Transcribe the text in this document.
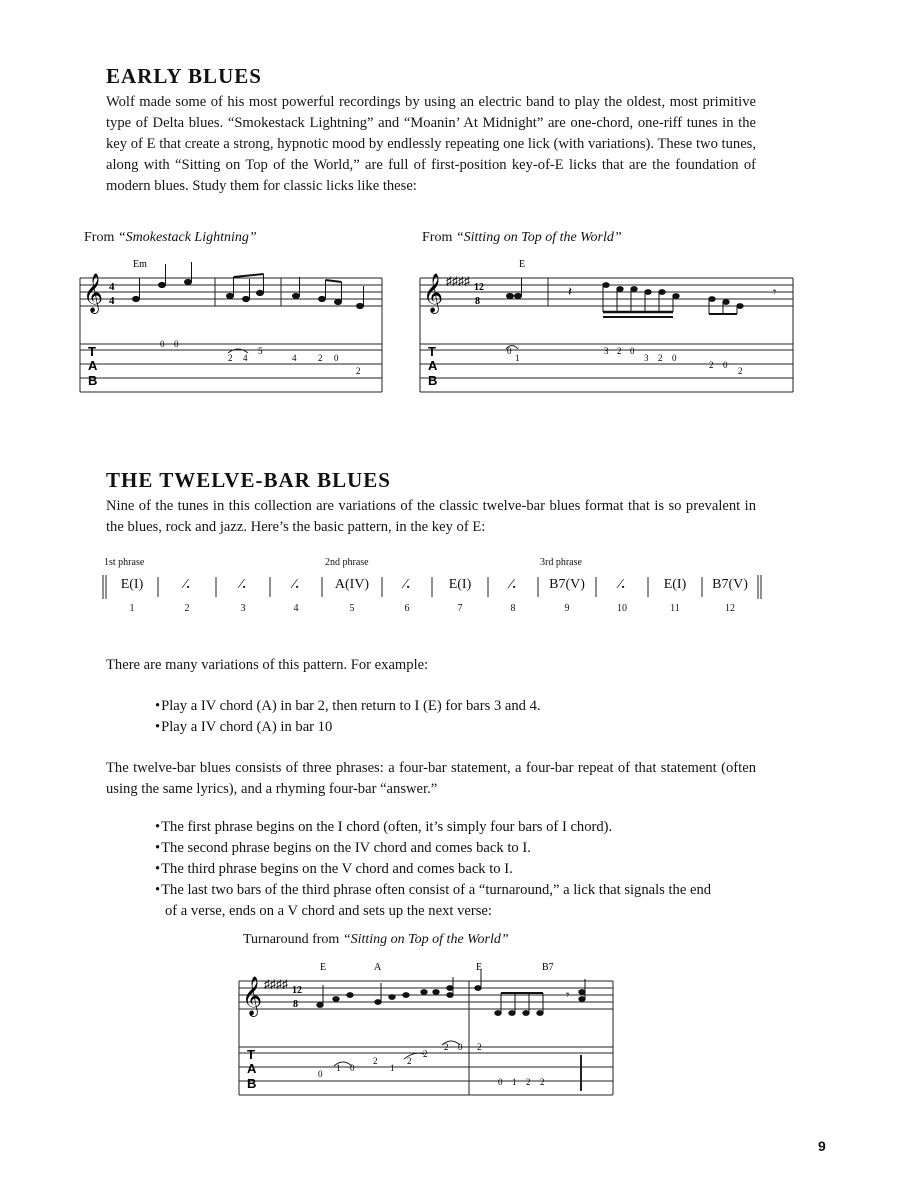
EARLY BLUES

Wolf made some of his most powerful recordings by using an electric band to play the oldest, most primitive type of Delta blues. “Smokestack Lightning” and “Moanin’ At Midnight” are one-chord, one-riff tunes in the key of E that create a strong, hypnotic mood by endlessly repeating one lick (with variations). These two tunes, along with “Sitting on Top of the World,” are full of first-position key-of-E licks that are the foundation of modern blues. Study them for classic licks like these:

From “Smokestack Lightning”
𝄞 4
4
Em
T
A
B
0 0
2 4
5
4 2 0
2
From “Sitting on Top of the World”
𝄞 ♯♯♯♯ 12
8
E
𝄽	𝄾
T
A
B
0
1
3 2 0
3 2 0
2 0
2
THE TWELVE-BAR BLUES

Nine of the tunes in this collection are variations of the classic twelve-bar blues format that is so prevalent in the blues, rock and jazz. Here’s the basic pattern, in the key of E:

1st phrase	2nd phrase	3rd phrase
E(I)	⁄.	⁄.	⁄.	A(IV)	⁄.	E(I)	⁄.	B7(V)	⁄.	E(I)	B7(V)
1	2	3	4	5	6	7	8	9	10	11	12

There are many variations of this pattern. For example:

• Play a IV chord (A) in bar 2, then return to I (E) for bars 3 and 4.
• Play a IV chord (A) in bar 10

The twelve-bar blues consists of three phrases: a four-bar statement, a four-bar repeat of that statement (often using the same lyrics), and a rhyming four-bar “answer.”

• The first phrase begins on the I chord (often, it’s simply four bars of I chord).
• The second phrase begins on the IV chord and comes back to I.
• The third phrase begins on the V chord and comes back to I.
• The last two bars of the third phrase often consist of a “turnaround,” a lick that signals the end of a verse, ends on a V chord and sets up the next verse:
Turnaround from “Sitting on Top of the World”
𝄞 ♯♯♯♯ 12
8
E	A	E	B7
𝄾
T
A
B
0
1 0
2
1
2
2
2 0 2
0 1 2 2
9
